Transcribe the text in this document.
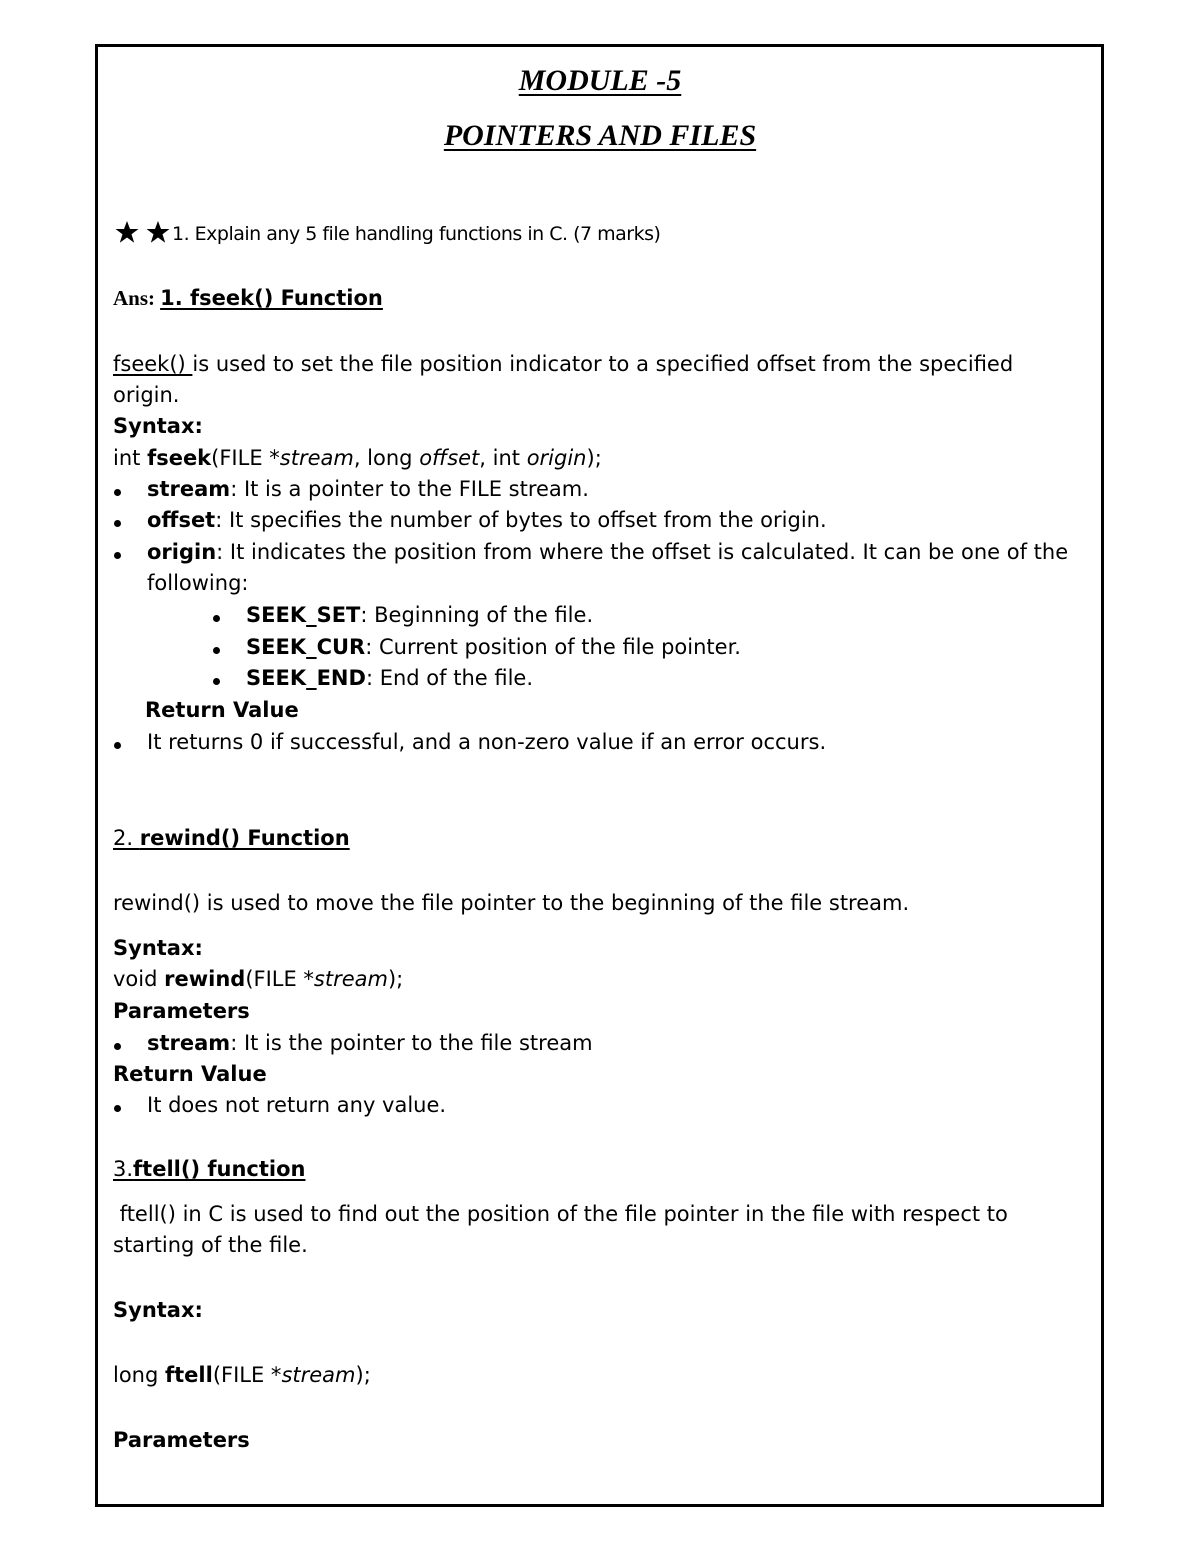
MODULE -5
POINTERS AND FILES
1. Explain any 5 file handling functions in C. (7 marks)
Ans: 1. fseek() Function
fseek() is used to set the file position indicator to a specified offset from the specified
origin.
Syntax:
int fseek(FILE *stream, long offset, int origin);
stream: It is a pointer to the FILE stream.
offset: It specifies the number of bytes to offset from the origin.
origin: It indicates the position from where the offset is calculated. It can be one of the
following:
SEEK_SET: Beginning of the file.
SEEK_CUR: Current position of the file pointer.
SEEK_END: End of the file.
Return Value
It returns 0 if successful, and a non-zero value if an error occurs.
2. rewind() Function
rewind() is used to move the file pointer to the beginning of the file stream.
Syntax:
void rewind(FILE *stream);
Parameters
stream: It is the pointer to the file stream
Return Value
It does not return any value.
3.ftell() function
ftell() in C is used to find out the position of the file pointer in the file with respect to
starting of the file.
Syntax:
long ftell(FILE *stream);
Parameters
